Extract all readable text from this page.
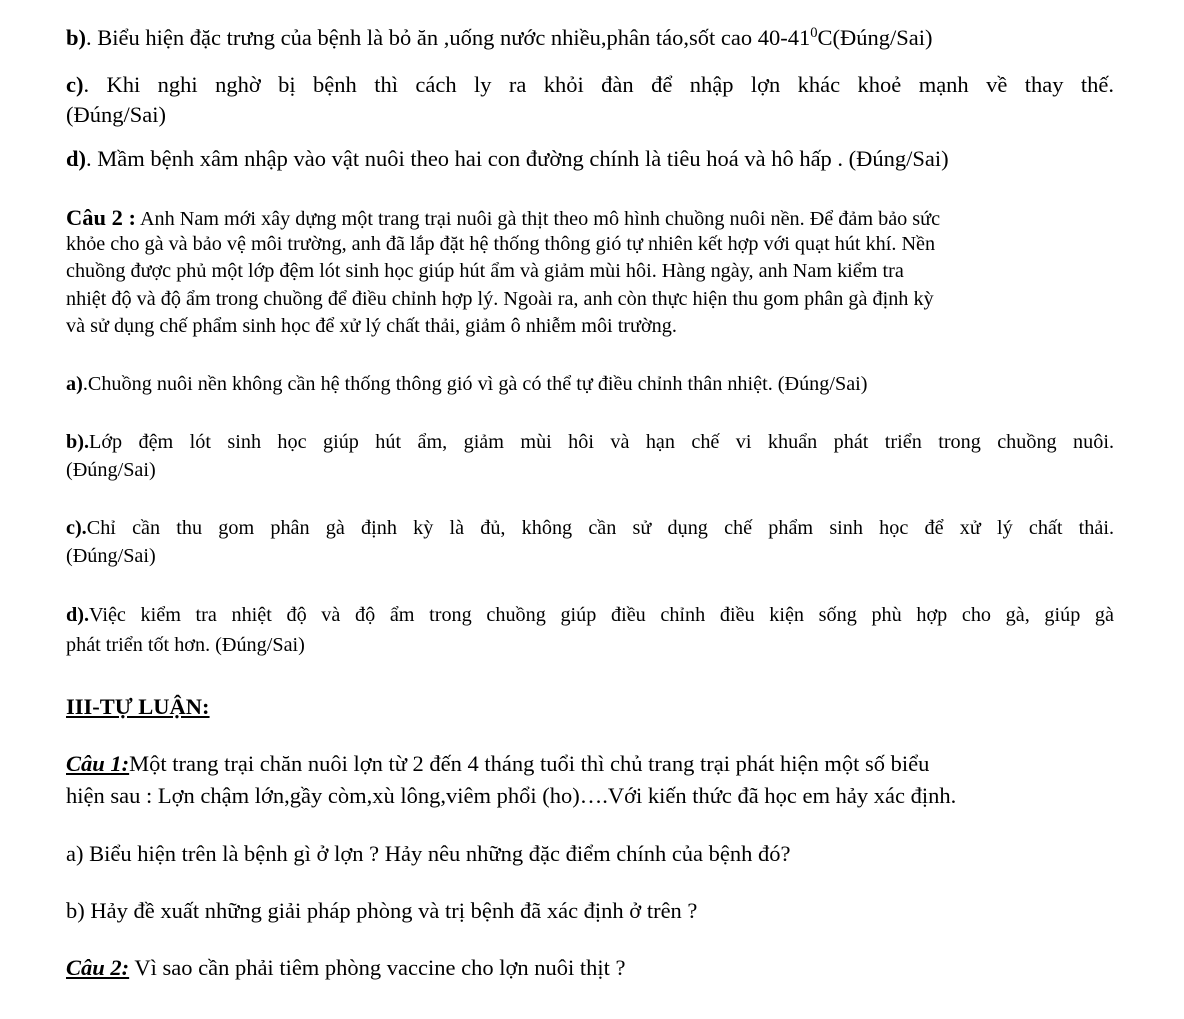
b). Biểu hiện đặc trưng của bệnh là bỏ ăn ,uống nước nhiều,phân táo,sốt cao $40-41^0C(Đúng/Sai)$
c). Khi nghi nghờ bị bệnh thì cách ly ra khỏi đàn để nhập lợn khác khoẻ mạnh về thay thế.
(Đúng/Sai)
d). Mầm bệnh xâm nhập vào vật nuôi theo hai con đường chính là tiêu hoá và hô hấp . (Đúng/Sai)
Câu 2 : Anh Nam mới xây dựng một trang trại nuôi gà thịt theo mô hình chuồng nuôi nền. Để đảm bảo sức
khỏe cho gà và bảo vệ môi trường, anh đã lắp đặt hệ thống thông gió tự nhiên kết hợp với quạt hút khí. Nền
chuồng được phủ một lớp đệm lót sinh học giúp hút ẩm và giảm mùi hôi. Hàng ngày, anh Nam kiểm tra
nhiệt độ và độ ẩm trong chuồng để điều chỉnh hợp lý. Ngoài ra, anh còn thực hiện thu gom phân gà định kỳ
và sử dụng chế phẩm sinh học để xử lý chất thải, giảm ô nhiễm môi trường.
a).Chuồng nuôi nền không cần hệ thống thông gió vì gà có thể tự điều chỉnh thân nhiệt. (Đúng/Sai)
b).Lớp đệm lót sinh học giúp hút ẩm, giảm mùi hôi và hạn chế vi khuẩn phát triển trong chuồng nuôi.
(Đúng/Sai)
c).Chỉ cần thu gom phân gà định kỳ là đủ, không cần sử dụng chế phẩm sinh học để xử lý chất thải.
(Đúng/Sai)
d).Việc kiểm tra nhiệt độ và độ ẩm trong chuồng giúp điều chỉnh điều kiện sống phù hợp cho gà, giúp gà
phát triển tốt hơn. (Đúng/Sai)
III-TỰ LUẬN:
Câu 1:Một trang trại chăn nuôi lợn từ 2 đến 4 tháng tuổi thì chủ trang trại phát hiện một số biểu
hiện sau : Lợn chậm lớn,gầy còm,xù lông,viêm phổi (ho)….Với kiến thức đã học em hảy xác định.
a) Biểu hiện trên là bệnh gì ở lợn ? Hảy nêu những đặc điểm chính của bệnh đó?
b) Hảy đề xuất những giải pháp phòng và trị bệnh đã xác định ở trên ?
Câu 2: Vì sao cần phải tiêm phòng vaccine cho lợn nuôi thịt ?
